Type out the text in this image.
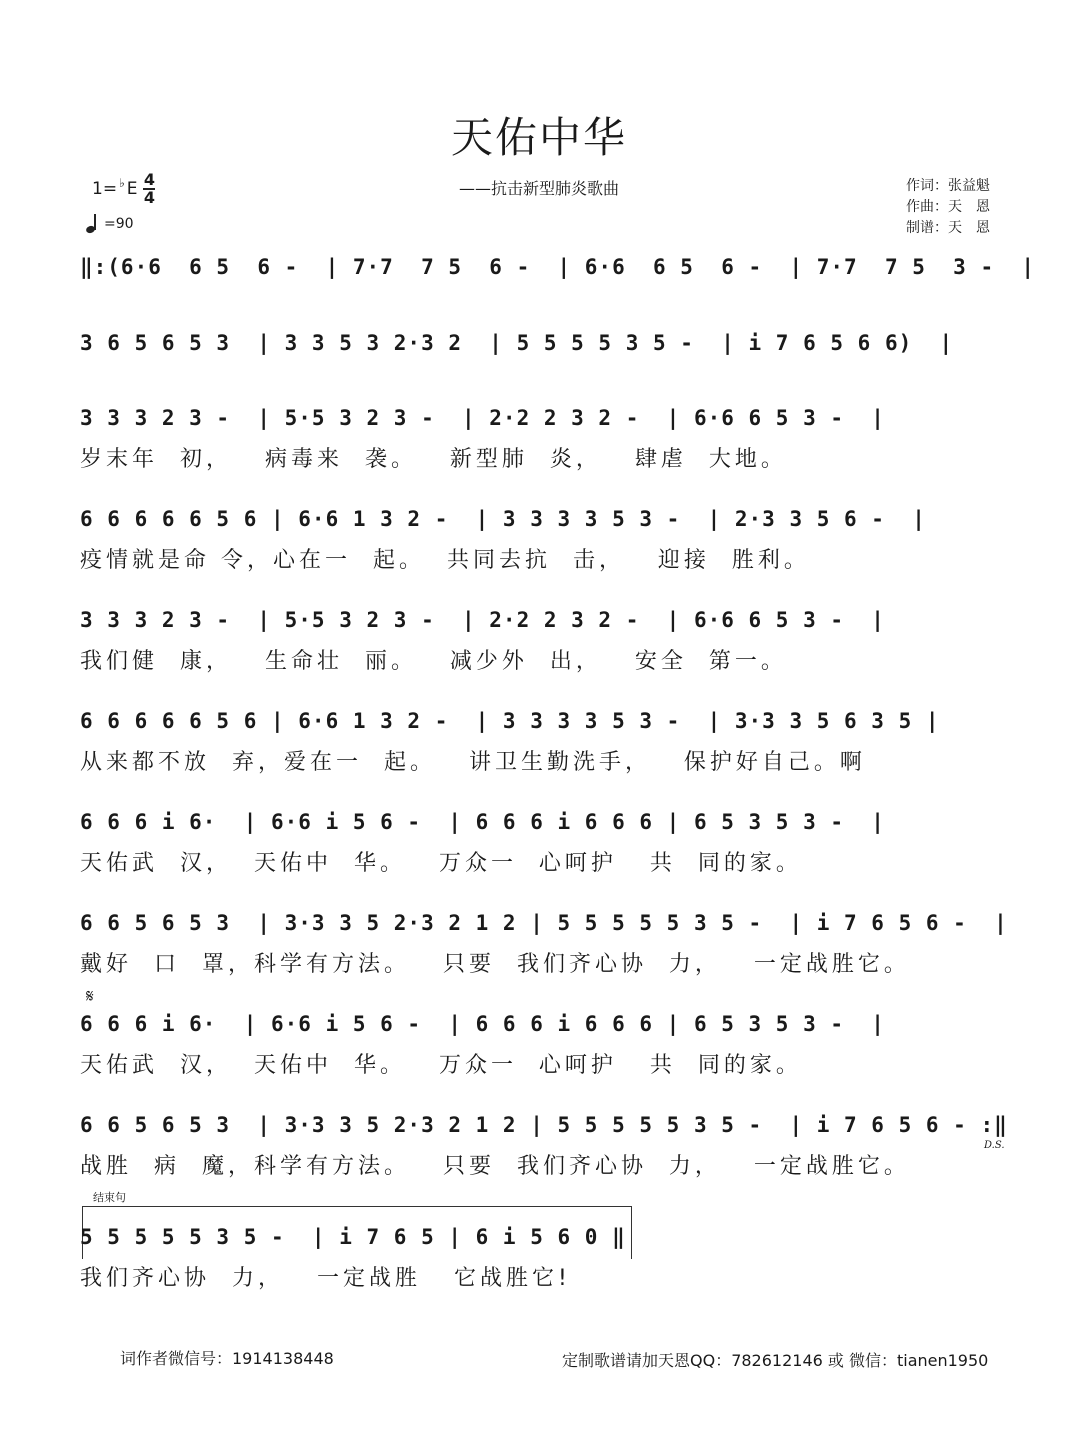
天佑中华
——抗击新型肺炎歌曲	作词：张益魁
作曲：天　恩
制谱：天　恩
1= ♭ E 4
4
=90
𝄋
D.S.
结束句
‖:(6·6  6 5  6 -  | 7·7  7 5  6 -  | 6·6  6 5  6 -  | 7·7  7 5  3 -  |
3 6 5 6 5 3  | 3 3 5 3 2·3 2  | 5 5 5 5 3 5 -  | i 7 6 5 6 6)  |
3 3 3 2 3 -  | 5·5 3 2 3 -  | 2·2 2 3 2 -  | 6·6 6 5 3 -  |
岁末年  初，   病毒来  袭。   新型肺  炎，   肆虐  大地。
6 6 6 6 6 5 6 | 6·6 1 3 2 -  | 3 3 3 3 5 3 -  | 2·3 3 5 6 -  |
疫情就是命 令，心在一  起。  共同去抗  击，   迎接  胜利。
3 3 3 2 3 -  | 5·5 3 2 3 -  | 2·2 2 3 2 -  | 6·6 6 5 3 -  |
我们健  康，   生命壮  丽。   减少外  出，   安全  第一。
6 6 6 6 6 5 6 | 6·6 1 3 2 -  | 3 3 3 3 5 3 -  | 3·3 3 5 6 3 5 |
从来都不放  弃，爱在一  起。   讲卫生勤洗手，   保护好自己。啊
6 6 6 i 6·  | 6·6 i 5 6 -  | 6 6 6 i 6 6 6 | 6 5 3 5 3 -  |
天佑武  汉，  天佑中  华。   万众一  心呵护   共  同的家。
6 6 5 6 5 3  | 3·3 3 5 2·3 2 1 2 | 5 5 5 5 5 3 5 -  | i 7 6 5 6 -  |
戴好  口  罩，科学有方法。   只要  我们齐心协  力，   一定战胜它。
6 6 6 i 6·  | 6·6 i 5 6 -  | 6 6 6 i 6 6 6 | 6 5 3 5 3 -  |
天佑武  汉，  天佑中  华。   万众一  心呵护   共  同的家。
6 6 5 6 5 3  | 3·3 3 5 2·3 2 1 2 | 5 5 5 5 5 3 5 -  | i 7 6 5 6 - :‖
战胜  病  魔，科学有方法。   只要  我们齐心协  力，   一定战胜它。
5 5 5 5 5 3 5 -  | i 7 6 5 | 6 i 5 6 0 ‖
我们齐心协  力，   一定战胜   它战胜它!
词作者微信号：1914138448	定制歌谱请加天恩QQ：782612146 或 微信：tianen1950
